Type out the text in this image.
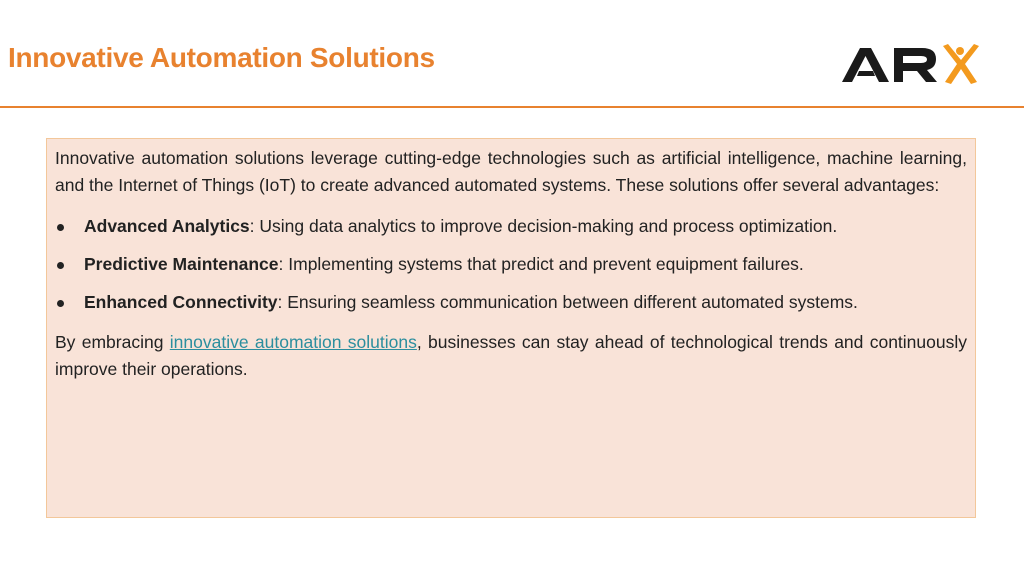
Innovative Automation Solutions

Innovative automation solutions leverage cutting-edge technologies such as artificial intelligence, machine learning, and the Internet of Things (IoT) to create advanced automated systems. These solutions offer several advantages:

Advanced Analytics: Using data analytics to improve decision-making and process optimization.
Predictive Maintenance: Implementing systems that predict and prevent equipment failures.
Enhanced Connectivity: Ensuring seamless communication between different automated systems.

By embracing innovative automation solutions, businesses can stay ahead of technological trends and continuously improve their operations.
